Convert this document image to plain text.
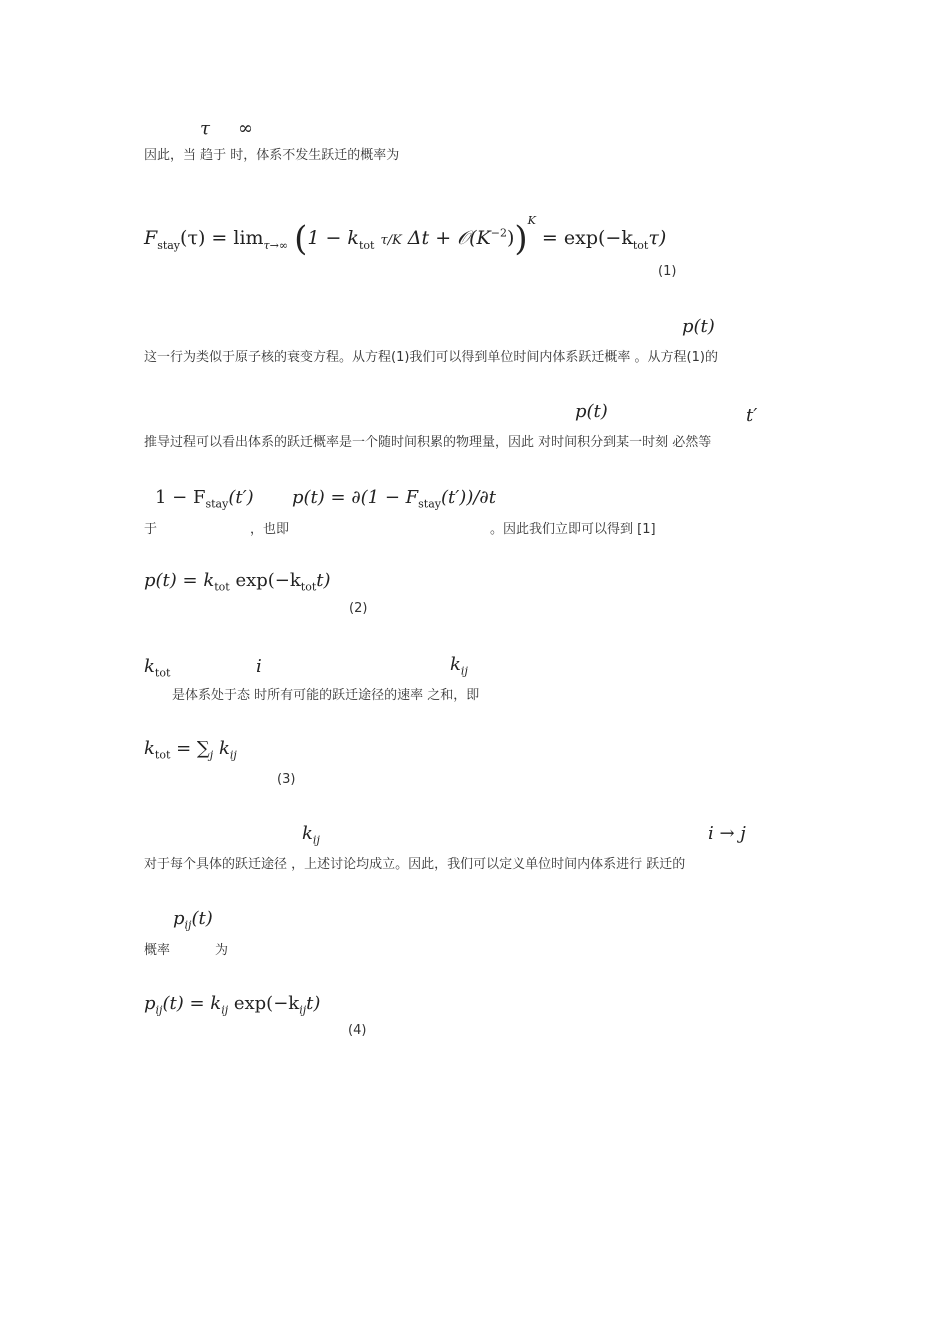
τ ∞
因此，当 趋于 时，体系不发生跃迁的概率为
$F_{stay}(\tau) = \lim_{\tau\to\infty} (1 - k_{tot}$ τ/K $\Delta t + 𝒪(K^{-2}))^K = \exp(-k_{tot}\tau)$
(1)
p(t)
这一行为类似于原子核的衰变方程。从方程(1)我们可以得到单位时间内体系跃迁概率 。从方程(1)的
p(t)	t′
推导过程可以看出体系的跃迁概率是一个随时间积累的物理量，因此 对时间积分到某一时刻 必然等
$1 - F_{stay}(t') p(t) = \partial(1 - F_{stay}(t'))/\partial t$
于	，也即	。因此我们立即可以得到 [1]
$p(t) = k_{tot}$ $\exp(-k_{tot}t)$
(2)
$k_{tot}$	i	$k_{ij}$
是体系处于态 时所有可能的跃迁途径的速率 之和，即
$k_{tot} = \sum_j$ $k_{ij}$
(3)
$k_{ij}$	i → j
对于每个具体的跃迁途径 ，上述讨论均成立。因此，我们可以定义单位时间内体系进行 跃迁的
$p_{ij}(t)$
概率	为
$p_{ij}(t) = k_{ij}$ $\exp(-k_{ij}t)$
(4)
